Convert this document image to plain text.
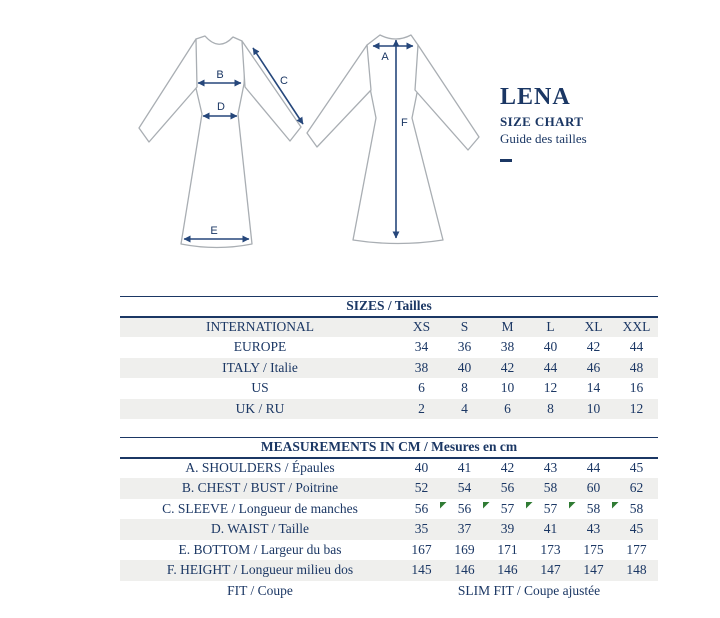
B	C
D
E
A
F
LENA
SIZE CHART
Guide des tailles
SIZES / Tailles						
INTERNATIONAL	XS	S	M	L	XL	XXL
EUROPE	34	36	38	40	42	44
ITALY / Italie	38	40	42	44	46	48
US	6	8	10	12	14	16
UK / RU	2	4	6	8	10	12
MEASUREMENTS IN CM / Mesures en cm						
A. SHOULDERS / Épaules	40	41	42	43	44	45
B. CHEST / BUST / Poitrine	52	54	56	58	60	62
C. SLEEVE / Longueur de manches	56	56	57	57	58	58
D. WAIST / Taille	35	37	39	41	43	45
E. BOTTOM / Largeur du bas	167	169	171	173	175	177
F. HEIGHT / Longueur milieu dos	145	146	146	147	147	148
FIT / Coupe	SLIM FIT / Coupe ajustée					
